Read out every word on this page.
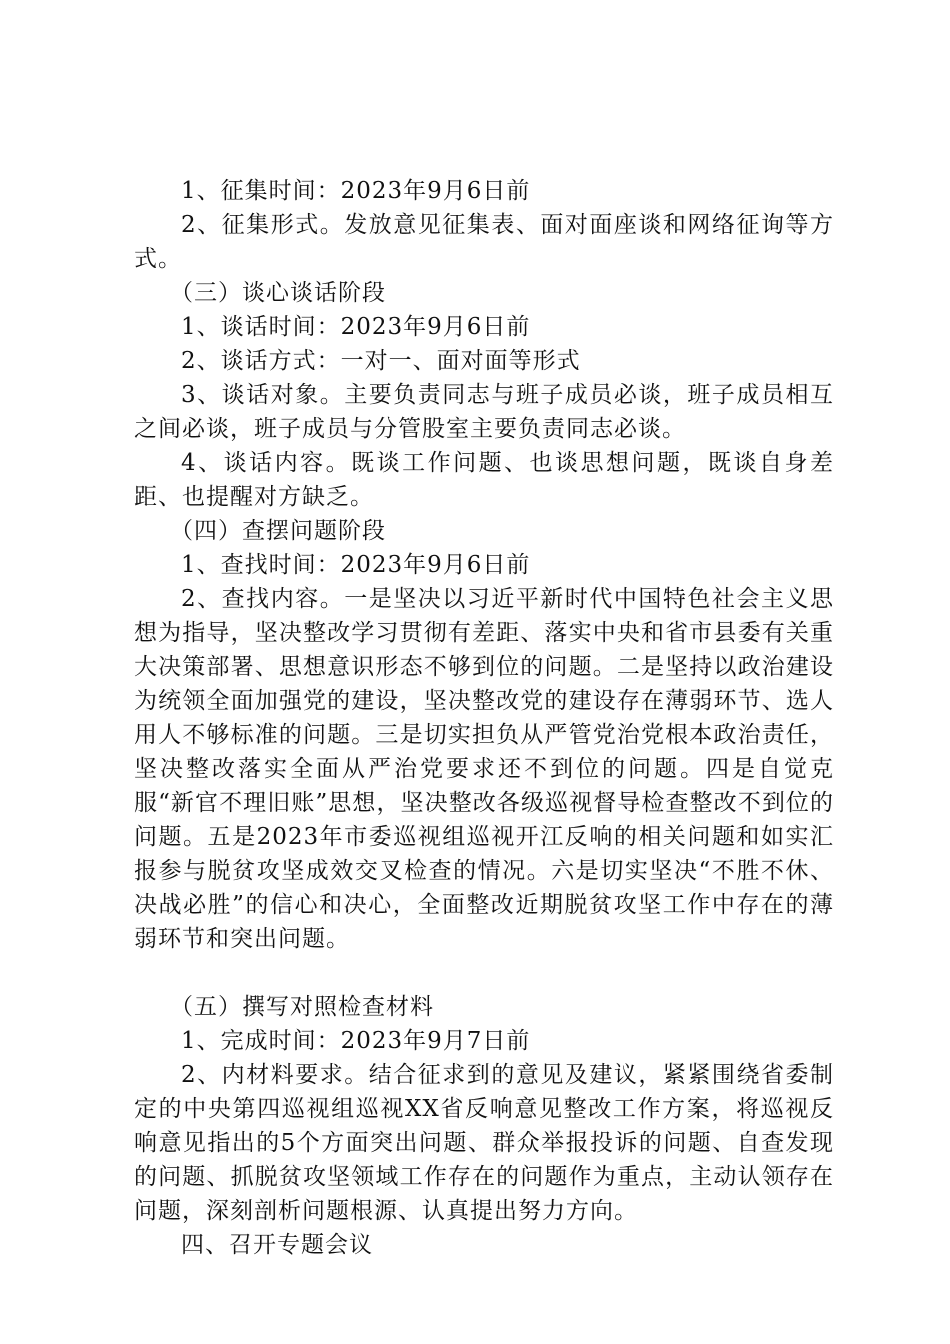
1、征集时间：2023年9月6日前

2、征集形式。发放意见征集表、面对面座谈和网络征询等方式。

（三）谈心谈话阶段

1、谈话时间：2023年9月6日前

2、谈话方式：一对一、面对面等形式

3、谈话对象。主要负责同志与班子成员必谈，班子成员相互之间必谈，班子成员与分管股室主要负责同志必谈。

4、谈话内容。既谈工作问题、也谈思想问题，既谈自身差距、也提醒对方缺乏。

（四）查摆问题阶段

1、查找时间：2023年9月6日前

2、查找内容。一是坚决以习近平新时代中国特色社会主义思想为指导，坚决整改学习贯彻有差距、落实中央和省市县委有关重大决策部署、思想意识形态不够到位的问题。二是坚持以政治建设为统领全面加强党的建设，坚决整改党的建设存在薄弱环节、选人用人不够标准的问题。三是切实担负从严管党治党根本政治责任，坚决整改落实全面从严治党要求还不到位的问题。四是自觉克服“新官不理旧账”思想，坚决整改各级巡视督导检查整改不到位的问题。五是2023年市委巡视组巡视开江反响的相关问题和如实汇报参与脱贫攻坚成效交叉检查的情况。六是切实坚决“不胜不休、决战必胜”的信心和决心，全面整改近期脱贫攻坚工作中存在的薄弱环节和突出问题。

（五）撰写对照检查材料

1、完成时间：2023年9月7日前

2、内材料要求。结合征求到的意见及建议，紧紧围绕省委制定的中央第四巡视组巡视XX省反响意见整改工作方案，将巡视反响意见指出的5个方面突出问题、群众举报投诉的问题、自查发现的问题、抓脱贫攻坚领域工作存在的问题作为重点，主动认领存在问题，深刻剖析问题根源、认真提出努力方向。

四、召开专题会议
